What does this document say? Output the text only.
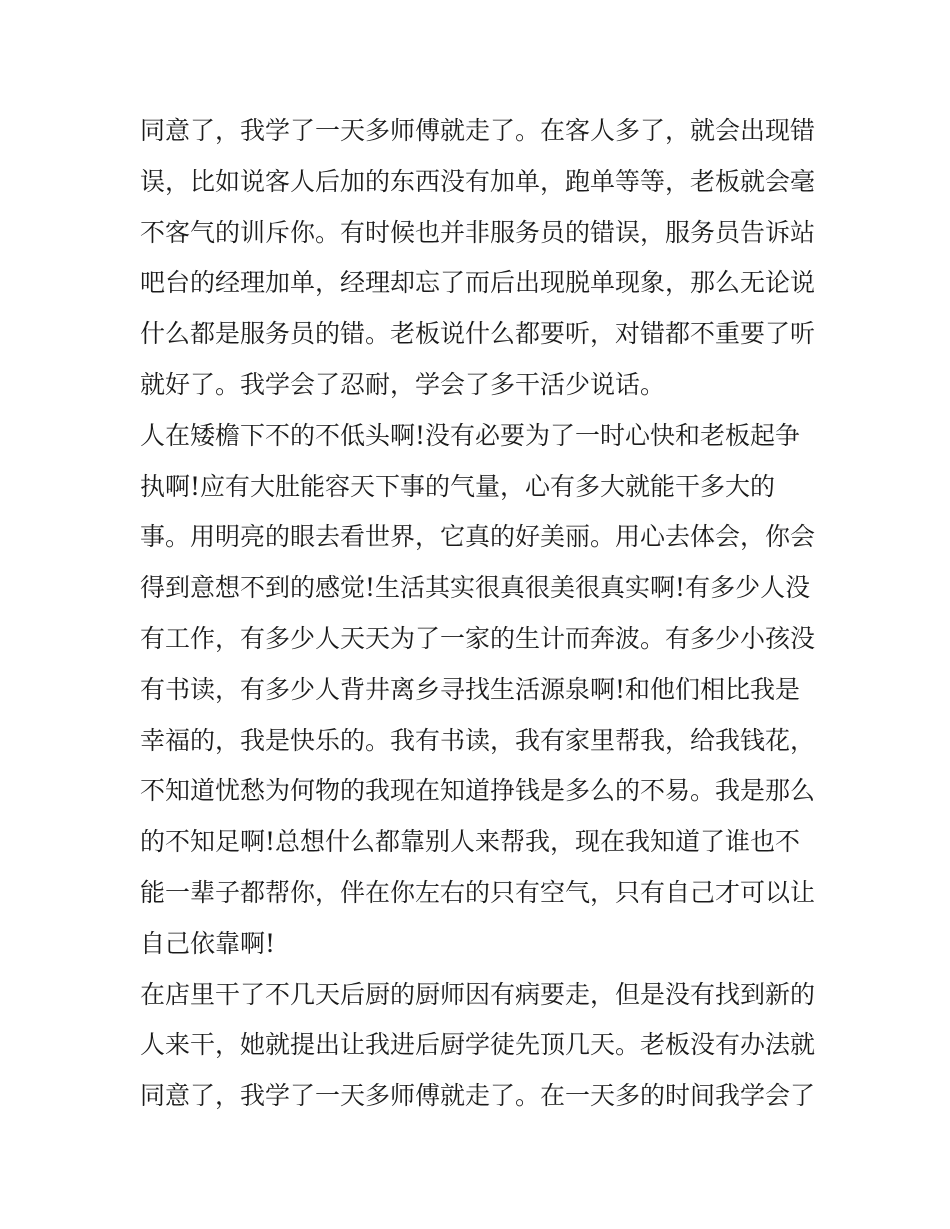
同意了，我学了一天多师傅就走了。在客人多了，就会出现错
误，比如说客人后加的东西没有加单，跑单等等，老板就会毫
不客气的训斥你。有时候也并非服务员的错误，服务员告诉站
吧台的经理加单，经理却忘了而后出现脱单现象，那么无论说
什么都是服务员的错。老板说什么都要听，对错都不重要了听
就好了。我学会了忍耐，学会了多干活少说话。
人在矮檐下不的不低头啊!没有必要为了一时心快和老板起争
执啊!应有大肚能容天下事的气量，心有多大就能干多大的
事。用明亮的眼去看世界，它真的好美丽。用心去体会，你会
得到意想不到的感觉!生活其实很真很美很真实啊!有多少人没
有工作，有多少人天天为了一家的生计而奔波。有多少小孩没
有书读，有多少人背井离乡寻找生活源泉啊!和他们相比我是
幸福的，我是快乐的。我有书读，我有家里帮我，给我钱花，
不知道忧愁为何物的我现在知道挣钱是多么的不易。我是那么
的不知足啊!总想什么都靠别人来帮我，现在我知道了谁也不
能一辈子都帮你，伴在你左右的只有空气，只有自己才可以让
自己依靠啊!
在店里干了不几天后厨的厨师因有病要走，但是没有找到新的
人来干，她就提出让我进后厨学徒先顶几天。老板没有办法就
同意了，我学了一天多师傅就走了。在一天多的时间我学会了
